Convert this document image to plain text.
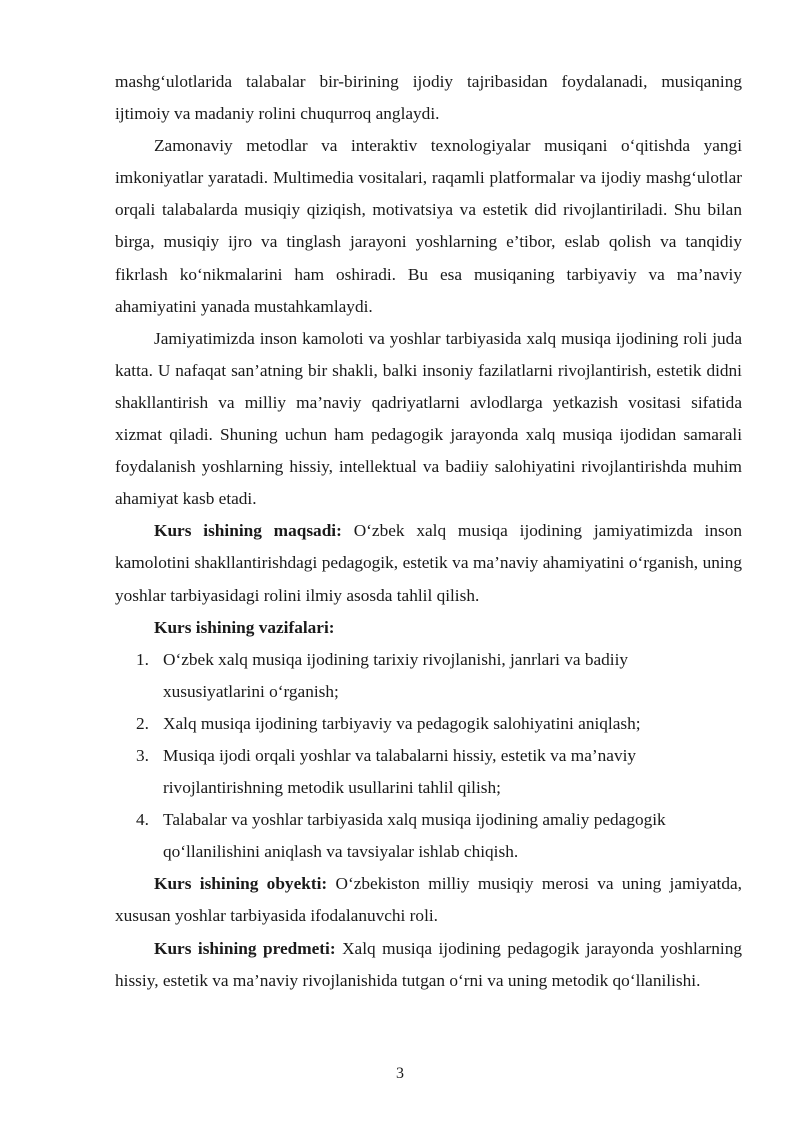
mashg‘ulotlarida talabalar bir-birining ijodiy tajribasidan foydalanadi, musiqaning ijtimoiy va madaniy rolini chuqurroq anglaydi.

Zamonaviy metodlar va interaktiv texnologiyalar musiqani o‘qitishda yangi imkoniyatlar yaratadi. Multimedia vositalari, raqamli platformalar va ijodiy mashg‘ulotlar orqali talabalarda musiqiy qiziqish, motivatsiya va estetik did rivojlantiriladi. Shu bilan birga, musiqiy ijro va tinglash jarayoni yoshlarning e’tibor, eslab qolish va tanqidiy fikrlash ko‘nikmalarini ham oshiradi. Bu esa musiqaning tarbiyaviy va ma’naviy ahamiyatini yanada mustahkamlaydi.

Jamiyatimizda inson kamoloti va yoshlar tarbiyasida xalq musiqa ijodining roli juda katta. U nafaqat san’atning bir shakli, balki insoniy fazilatlarni rivojlantirish, estetik didni shakllantirish va milliy ma’naviy qadriyatlarni avlodlarga yetkazish vositasi sifatida xizmat qiladi. Shuning uchun ham pedagogik jarayonda xalq musiqa ijodidan samarali foydalanish yoshlarning hissiy, intellektual va badiiy salohiyatini rivojlantirishda muhim ahamiyat kasb etadi.

Kurs ishining maqsadi: O‘zbek xalq musiqa ijodining jamiyatimizda inson kamolotini shakllantirishdagi pedagogik, estetik va ma’naviy ahamiyatini o‘rganish, uning yoshlar tarbiyasidagi rolini ilmiy asosda tahlil qilish.

Kurs ishining vazifalari:

1. O‘zbek xalq musiqa ijodining tarixiy rivojlanishi, janrlari va badiiy xususiyatlarini o‘rganish;
2. Xalq musiqa ijodining tarbiyaviy va pedagogik salohiyatini aniqlash;
3. Musiqa ijodi orqali yoshlar va talabalarni hissiy, estetik va ma’naviy rivojlantirishning metodik usullarini tahlil qilish;
4. Talabalar va yoshlar tarbiyasida xalq musiqa ijodining amaliy pedagogik qo‘llanilishini aniqlash va tavsiyalar ishlab chiqish.

Kurs ishining obyekti: O‘zbekiston milliy musiqiy merosi va uning jamiyatda, xususan yoshlar tarbiyasida ifodalanuvchi roli.

Kurs ishining predmeti: Xalq musiqa ijodining pedagogik jarayonda yoshlarning hissiy, estetik va ma’naviy rivojlanishida tutgan o‘rni va uning metodik qo‘llanilishi.

3
